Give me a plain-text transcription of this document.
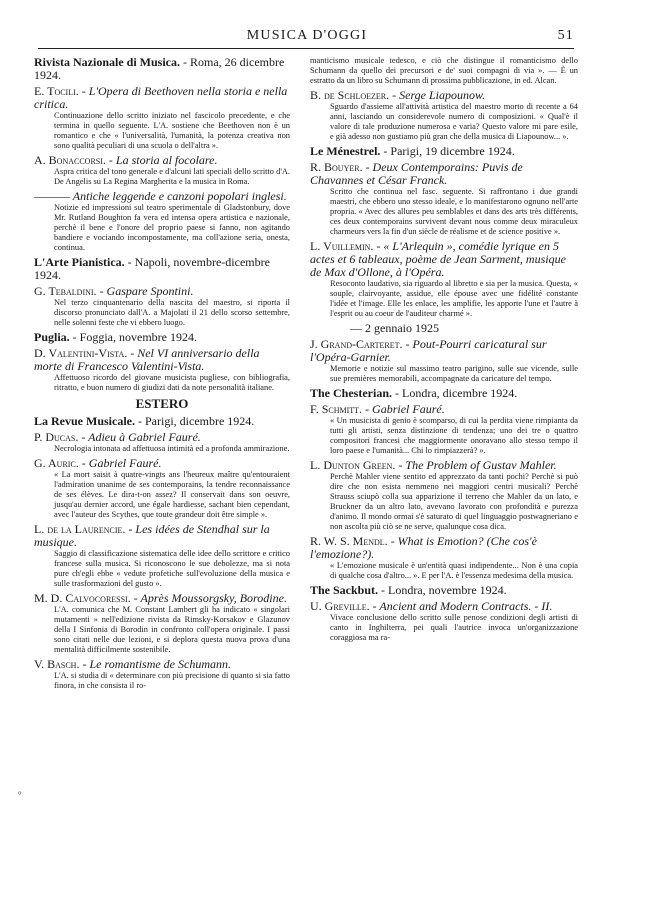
MUSICA D'OGGI	51
Rivista Nazionale di Musica. - Roma, 26 dicembre 1924.
E. Tocili. - L'Opera di Beethoven nella storia e nella critica.
Continuazione dello scritto iniziato nel fascicolo precedente, e che termina in quello seguente. L'A. sostiene che Beethoven non è un romantico e che « l'universalità, l'umanità, la potenza creativa non sono qualità peculiari di una scuola o dell'altra ».
A. Bonaccorsi. - La storia al focolare.
Aspra critica del tono generale e d'alcuni lati speciali dello scritto d'A. De Angelis su La Regina Margherita e la musica in Roma.
——— Antiche leggende e canzoni popolari inglesi.
Notizie ed impressioni sul teatro sperimentale di Gladstonbury, dove Mr. Rutland Boughton fa vera ed intensa opera artistica e nazionale, perchè il bene e l'onore del proprio paese si fanno, non agitando bandiere e vociando incompostamente, ma coll'azione seria, onesta, continua.
L'Arte Pianistica. - Napoli, novembre-dicembre 1924.
G. Tebaldini. - Gaspare Spontini.
Nel terzo cinquantenario della nascita del maestro, si riporta il discorso pronunciato dall'A. a Majolati il 21 dello scorso settembre, nelle solenni feste che vi ebbero luogo.
Puglia. - Foggia, novembre 1924.
D. Valentini-Vista. - Nel VI anniversario della morte di Francesco Valentini-Vista.
Affettuoso ricordo del giovane musicista pugliese, con bibliografia, ritratto, e buon numero di giudizi dati da note personalità italiane.
ESTERO
La Revue Musicale. - Parigi, dicembre 1924.
P. Ducas. - Adieu à Gabriel Fauré.
Necrologia intonata ad affettuosa intimità ed a profonda ammirazione.
G. Auric. - Gabriel Fauré.
« La mort saisit à quatre-vingts ans l'heureux maître qu'entouraient l'admiration unanime de ses contemporains, la tendre reconnaissance de ses élèves. Le dira-t-on assez? Il conservait dans son oeuvre, jusqu'au dernier accord, une égale hardiesse, sachant bien cependant, avec l'auteur des Scythes, que toute grandeur doit être simple ».
L. de la Laurencie. - Les idées de Stendhal sur la musique.
Saggio di classificazione sistematica delle idee dello scrittore e critico francese sulla musica. Si riconoscono le sue debolezze, ma si nota pure ch'egli ebbe « vedute profetiche sull'evoluzione della musica e sulle trasformazioni del gusto ».
M. D. Calvocoressi. - Après Moussorgsky, Borodine.
L'A. comunica che M. Constant Lambert gli ha indicato « singolari mutamenti » nell'edizione rivista da Rimsky-Korsakov e Glazunov della I Sinfonia di Borodin in confronto coll'opera originale. I passi sono citati nelle due lezioni, e si deplora questa nuova prova d'una mentalità difficilmente sostenibile.
V. Basch. - Le romantisme de Schumann.
L'A. si studia di « determinare con più precisione di quanto si sia fatto finora, in che consista il ro-
manticismo musicale tedesco, e ciò che distingue il romanticismo dello Schumann da quello dei precursori e de' suoi compagni di via ». — È un estratto da un libro su Schumann di prossima pubblicazione, in ed. Alcan.
B. de Schloezer. - Serge Liapounow.
Sguardo d'assieme all'attività artistica del maestro morto di recente a 64 anni, lasciando un considerevole numero di composizioni. « Qual'è il valore di tale produzione numerosa e varia? Questo valore mi pare esile, e già adesso non gustiamo più gran che della musica di Liapounow... ».
Le Ménestrel. - Parigi, 19 dicembre 1924.
R. Bouyer. - Deux Contemporains: Puvis de Chavannes et César Franck.
Scritto che continua nel fasc. seguente. Si raffrontano i due grandi maestri, che ebbero uno stesso ideale, e lo manifestarono ognuno nell'arte propria. « Avec des allures peu semblables et dans des arts très différents, ces deux contemporains survivent devant nous comme deux miraculeux charmeurs vers la fin d'un siècle de réalisme et de science positive ».
L. Vuillemin. - « L'Arlequin », comédie lyrique en 5 actes et 6 tableaux, poème de Jean Sarment, musique de Max d'Ollone, à l'Opéra.
Resoconto laudativo, sia riguardo al libretto e sia per la musica. Questa, « souple, clairvoyante, assidue, elle épouse avec une fidélité constante l'idée et l'image. Elle les enlace, les amplifie, les apporte l'une et l'autre à l'esprit ou au coeur de l'auditeur charmé ».
— 2 gennaio 1925
J. Grand-Carteret. - Pout-Pourri caricatural sur l'Opéra-Garnier.
Memorie e notizie sul massimo teatro parigino, sulle sue vicende, sulle sue premières memorabili, accompagnate da caricature del tempo.
The Chesterian. - Londra, dicembre 1924.
F. Schmitt. - Gabriel Fauré.
« Un musicista di genio è scomparso, di cui la perdita viene rimpianta da tutti gli artisti, senza distinzione di tendenza; uno dei tre o quattro compositori francesi che maggiormente onoravano allo stesso tempo il loro paese e l'umanità... Chi lo rimpiazzerà? ».
L. Dunton Green. - The Problem of Gustav Mahler.
Perchè Mahler viene sentito ed apprezzato da tanti pochi? Perchè si può dire che non esista nemmeno nei maggiori centri musicali? Perchè Strauss sciupò colla sua apparizione il terreno che Mahler da un lato, e Bruckner da un altro lato, avevano lavorato con profondità e purezza d'animo. Il mondo ormai s'è saturato di quel linguaggio postwagneriano e non ascolta più ciò se ne serve, qualunque cosa dica.
R. W. S. Mendl. - What is Emotion? (Che cos'è l'emozione?).
« L'emozione musicale è un'entità quasi indipendente... Non è una copia di qualche cosa d'altro... ». E per l'A. è l'essenza medesima della musica.
The Sackbut. - Londra, novembre 1924.
U. Greville. - Ancient and Modern Contracts. - II.
Vivace conclusione dello scritto sulle penose condizioni degli artisti di canto in Inghilterra, pei quali l'autrice invoca un'organizzazione coraggiosa ma ra-
°
